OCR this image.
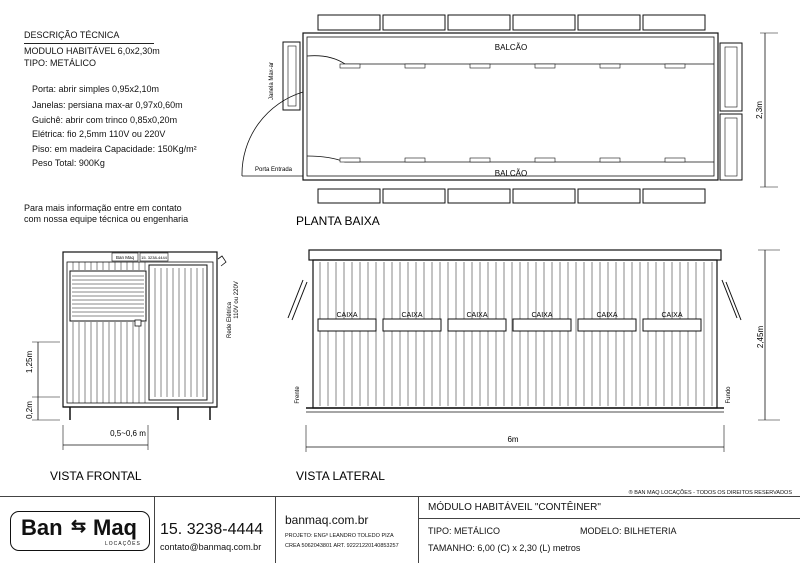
DESCRIÇÃO TÉCNICA

MODULO HABITÁVEL 6,0x2,30m

TIPO: METÁLICO

Porta: abrir simples 0,95x2,10m

Janelas: persiana max-ar 0,97x0,60m

Guichê: abrir com trinco 0,85x0,20m

Elétrica: fio 2,5mm 110V ou 220V

Piso: em madeira Capacidade: 150Kg/m²

Peso Total: 900Kg

Para mais informação entre em contato

com nossa equipe técnica ou engenharia

BALCÃO
BALCÃO
Porta Entrada
Janela Max-ar
2,3m
PLANTA BAIXA
Ban Maq 15. 3238-4444
Rede Elétrica
110V ou 220V
1,25m
0,2m
0,5~0,6 m
VISTA FRONTAL
CAIXA	CAIXA	CAIXA	CAIXA	CAIXA	CAIXA
Frente	Fundo
2,45m
6m
VISTA LATERAL
® BAN MAQ LOCAÇÕES - TODOS OS DIREITOS RESERVADOS
Ban ⇆ Maq
LOCAÇÕES
15. 3238-4444
contato@banmaq.com.br
banmaq.com.br
PROJETO: ENGº LEANDRO TOLEDO PIZA
CREA 5062043801 ART. 92221220140853257
MÓDULO HABITÁVEIL "CONTÊINER"
TIPO: METÁLICO	MODELO: BILHETERIA
TAMANHO: 6,00 (C) x 2,30 (L) metros
